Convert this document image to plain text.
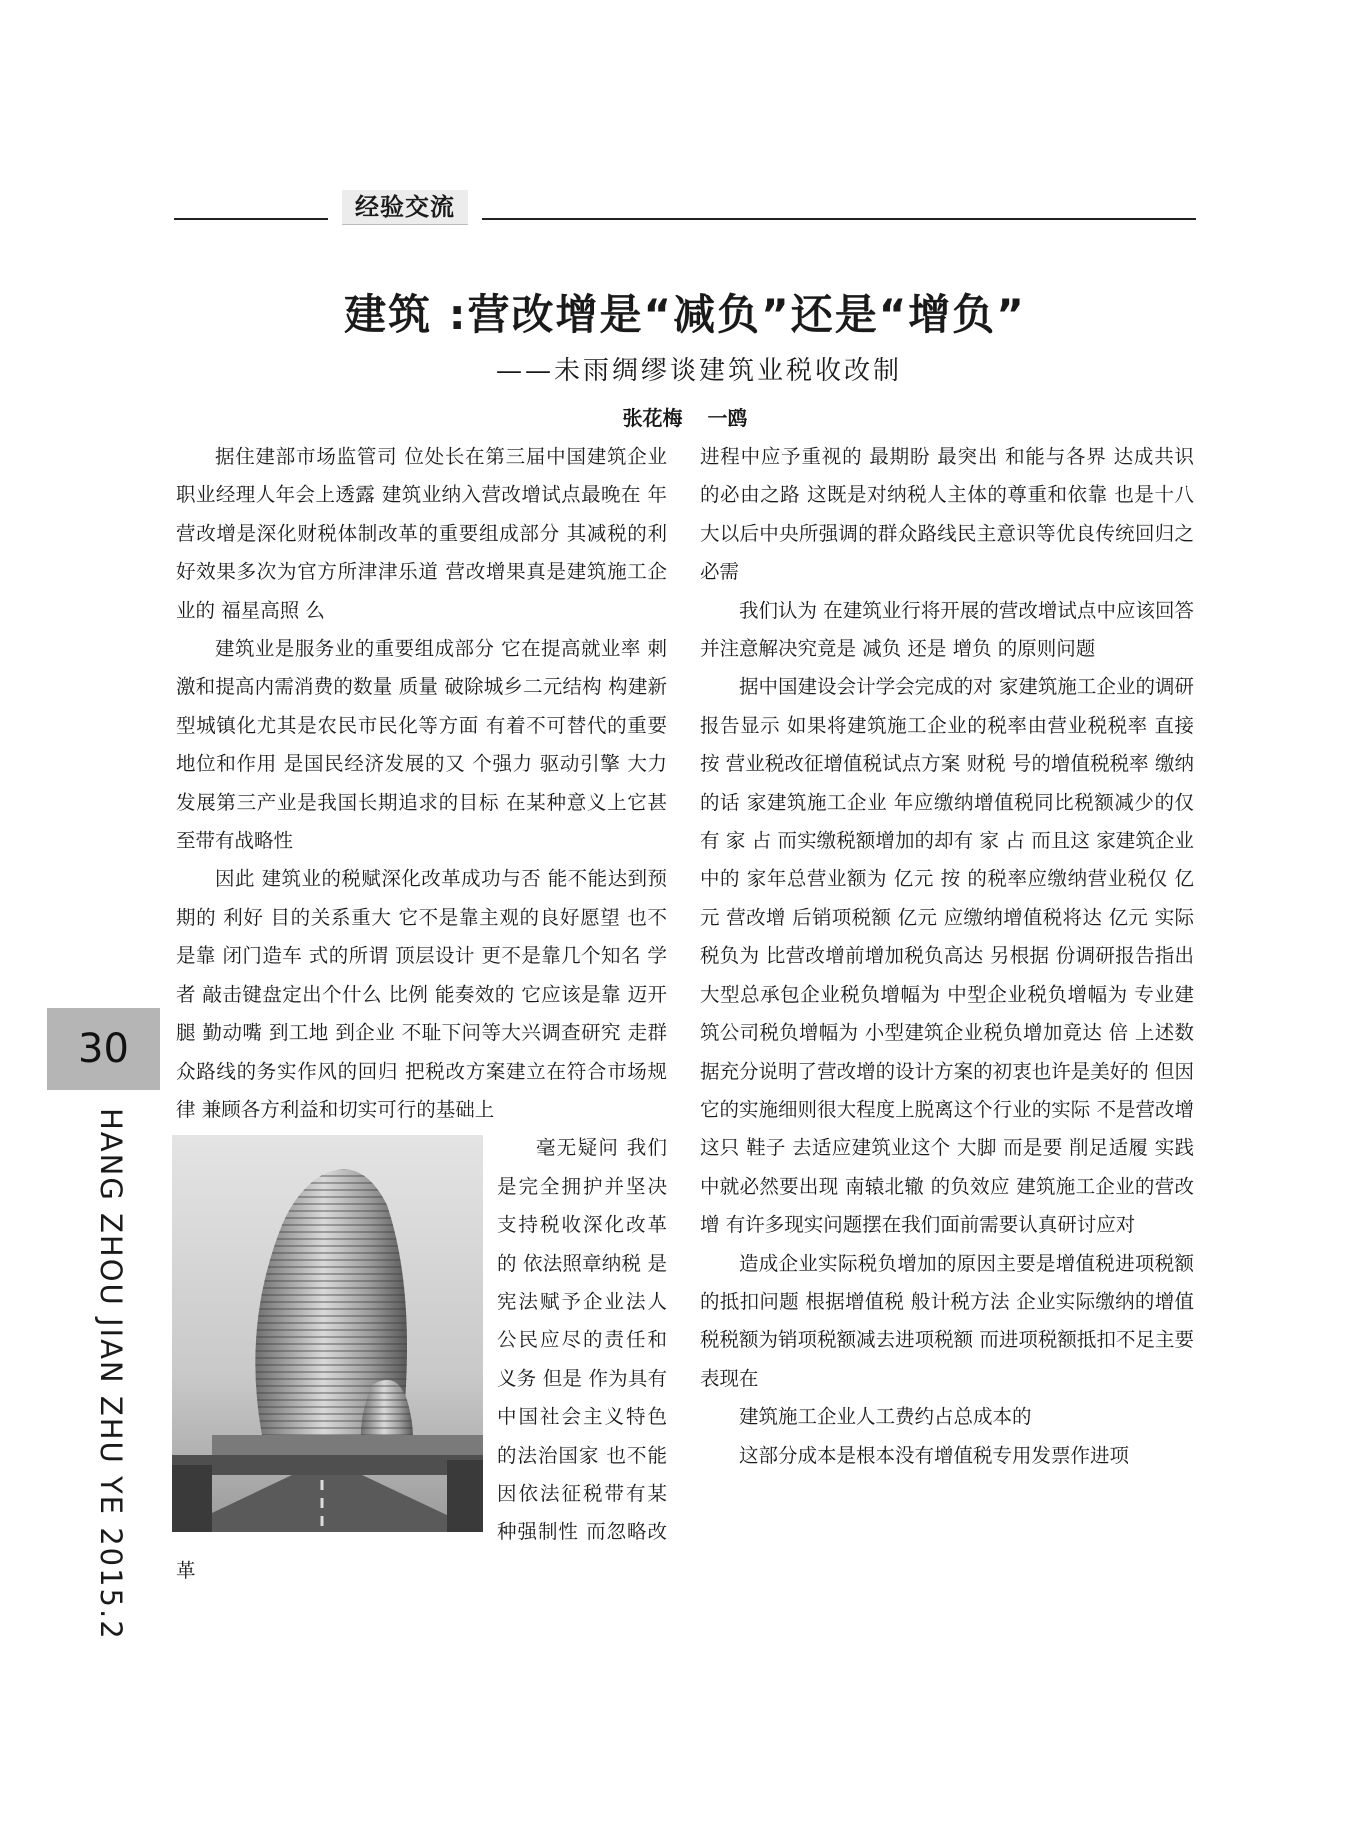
经验交流
建筑 :营改增是“减负”还是“增负”

——未雨绸缪谈建筑业税收改制

张花梅 一鸥

据住建部市场监管司 位处长在第三届中国建筑企业职业经理人年会上透露 建筑业纳入营改增试点最晚在 年 营改增是深化财税体制改革的重要组成部分 其减税的利好效果多次为官方所津津乐道 营改增果真是建筑施工企业的 福星高照 么

建筑业是服务业的重要组成部分 它在提高就业率 刺激和提高内需消费的数量 质量 破除城乡二元结构 构建新型城镇化尤其是农民市民化等方面 有着不可替代的重要地位和作用 是国民经济发展的又 个强力 驱动引擎 大力发展第三产业是我国长期追求的目标 在某种意义上它甚至带有战略性

因此 建筑业的税赋深化改革成功与否 能不能达到预期的 利好 目的关系重大 它不是靠主观的良好愿望 也不是靠 闭门造车 式的所谓 顶层设计 更不是靠几个知名 学者 敲击键盘定出个什么 比例 能奏效的 它应该是靠 迈开腿 勤动嘴 到工地 到企业 不耻下问等大兴调查研究 走群众路线的务实作风的回归 把税改方案建立在符合市场规律 兼顾各方利益和切实可行的基础上

毫无疑问 我们是完全拥护并坚决支持税收深化改革的 依法照章纳税 是宪法赋予企业法人 公民应尽的责任和义务 但是 作为具有中国社会主义特色的法治国家 也不能因依法征税带有某种强制性 而忽略改革

进程中应予重视的 最期盼 最突出 和能与各界 达成共识 的必由之路 这既是对纳税人主体的尊重和依靠 也是十八大以后中央所强调的群众路线民主意识等优良传统回归之必需

我们认为 在建筑业行将开展的营改增试点中应该回答并注意解决究竟是 减负 还是 增负 的原则问题

据中国建设会计学会完成的对 家建筑施工企业的调研报告显示 如果将建筑施工企业的税率由营业税税率 直接按 营业税改征增值税试点方案 财税 号的增值税税率 缴纳的话 家建筑施工企业 年应缴纳增值税同比税额减少的仅有 家 占 而实缴税额增加的却有 家 占 而且这 家建筑企业中的 家年总营业额为 亿元 按 的税率应缴纳营业税仅 亿元 营改增 后销项税额 亿元 应缴纳增值税将达 亿元 实际税负为 比营改增前增加税负高达 另根据 份调研报告指出 大型总承包企业税负增幅为 中型企业税负增幅为 专业建筑公司税负增幅为 小型建筑企业税负增加竟达 倍 上述数据充分说明了营改增的设计方案的初衷也许是美好的 但因它的实施细则很大程度上脱离这个行业的实际 不是营改增这只 鞋子 去适应建筑业这个 大脚 而是要 削足适履 实践中就必然要出现 南辕北辙 的负效应 建筑施工企业的营改增 有许多现实问题摆在我们面前需要认真研讨应对

造成企业实际税负增加的原因主要是增值税进项税额的抵扣问题 根据增值税 般计税方法 企业实际缴纳的增值税税额为销项税额减去进项税额 而进项税额抵扣不足主要表现在

建筑施工企业人工费约占总成本的

这部分成本是根本没有增值税专用发票作进项

30
HANG ZHOU JIAN ZHU YE 2015.2
